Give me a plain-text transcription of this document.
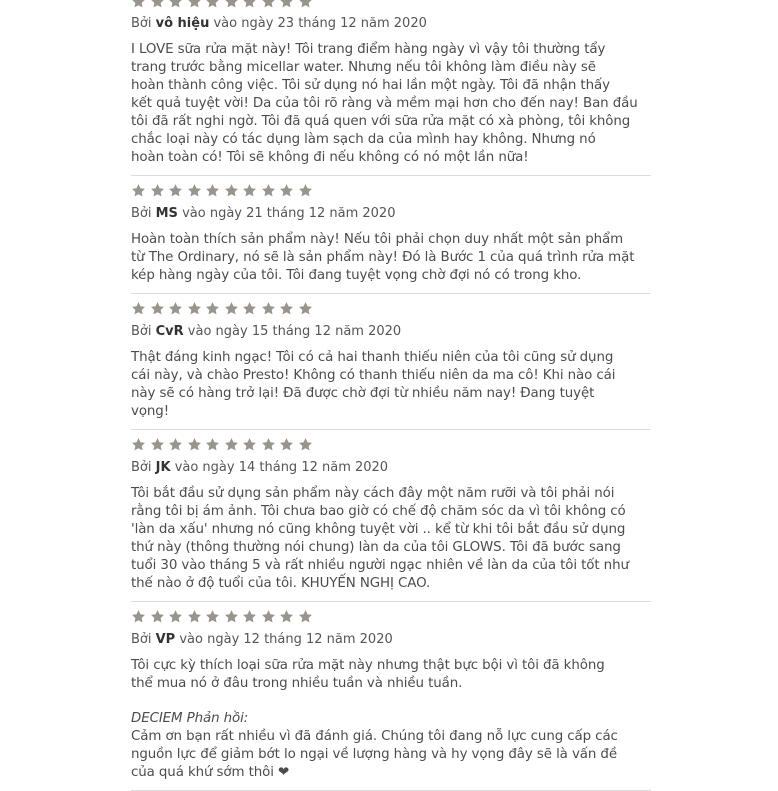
Bởi vô hiệu vào ngày 23 tháng 12 năm 2020

I LOVE sữa rửa mặt này! Tôi trang điểm hàng ngày vì vậy tôi thường tẩy

trang trước bằng micellar water. Nhưng nếu tôi không làm điều này sẽ

hoàn thành công việc. Tôi sử dụng nó hai lần một ngày. Tôi đã nhận thấy

kết quả tuyệt vời! Da của tôi rõ ràng và mềm mại hơn cho đến nay! Ban đầu

tôi đã rất nghi ngờ. Tôi đã quá quen với sữa rửa mặt có xà phòng, tôi không

chắc loại này có tác dụng làm sạch da của mình hay không. Nhưng nó

hoàn toàn có! Tôi sẽ không đi nếu không có nó một lần nữa!

Bởi MS vào ngày 21 tháng 12 năm 2020

Hoàn toàn thích sản phẩm này! Nếu tôi phải chọn duy nhất một sản phẩm

từ The Ordinary, nó sẽ là sản phẩm này! Đó là Bước 1 của quá trình rửa mặt

kép hàng ngày của tôi. Tôi đang tuyệt vọng chờ đợi nó có trong kho.

Bởi CvR vào ngày 15 tháng 12 năm 2020

Thật đáng kinh ngạc! Tôi có cả hai thanh thiếu niên của tôi cũng sử dụng

cái này, và chào Presto! Không có thanh thiếu niên da ma cô! Khi nào cái

này sẽ có hàng trở lại! Đã được chờ đợi từ nhiều năm nay! Đang tuyệt

vọng!

Bởi JK vào ngày 14 tháng 12 năm 2020

Tôi bắt đầu sử dụng sản phẩm này cách đây một năm rưỡi và tôi phải nói

rằng tôi bị ám ảnh. Tôi chưa bao giờ có chế độ chăm sóc da vì tôi không có

'làn da xấu' nhưng nó cũng không tuyệt vời .. kể từ khi tôi bắt đầu sử dụng

thứ này (thông thường nói chung) làn da của tôi GLOWS. Tôi đã bước sang

tuổi 30 vào tháng 5 và rất nhiều người ngạc nhiên về làn da của tôi tốt như

thế nào ở độ tuổi của tôi. KHUYẾN NGHỊ CAO.

Bởi VP vào ngày 12 tháng 12 năm 2020

Tôi cực kỳ thích loại sữa rửa mặt này nhưng thật bực bội vì tôi đã không

thể mua nó ở đâu trong nhiều tuần và nhiều tuần.

DECIEM Phản hồi:

Cảm ơn bạn rất nhiều vì đã đánh giá. Chúng tôi đang nỗ lực cung cấp các

nguồn lực để giảm bớt lo ngại về lượng hàng và hy vọng đây sẽ là vấn đề

của quá khứ sớm thôi ❤
